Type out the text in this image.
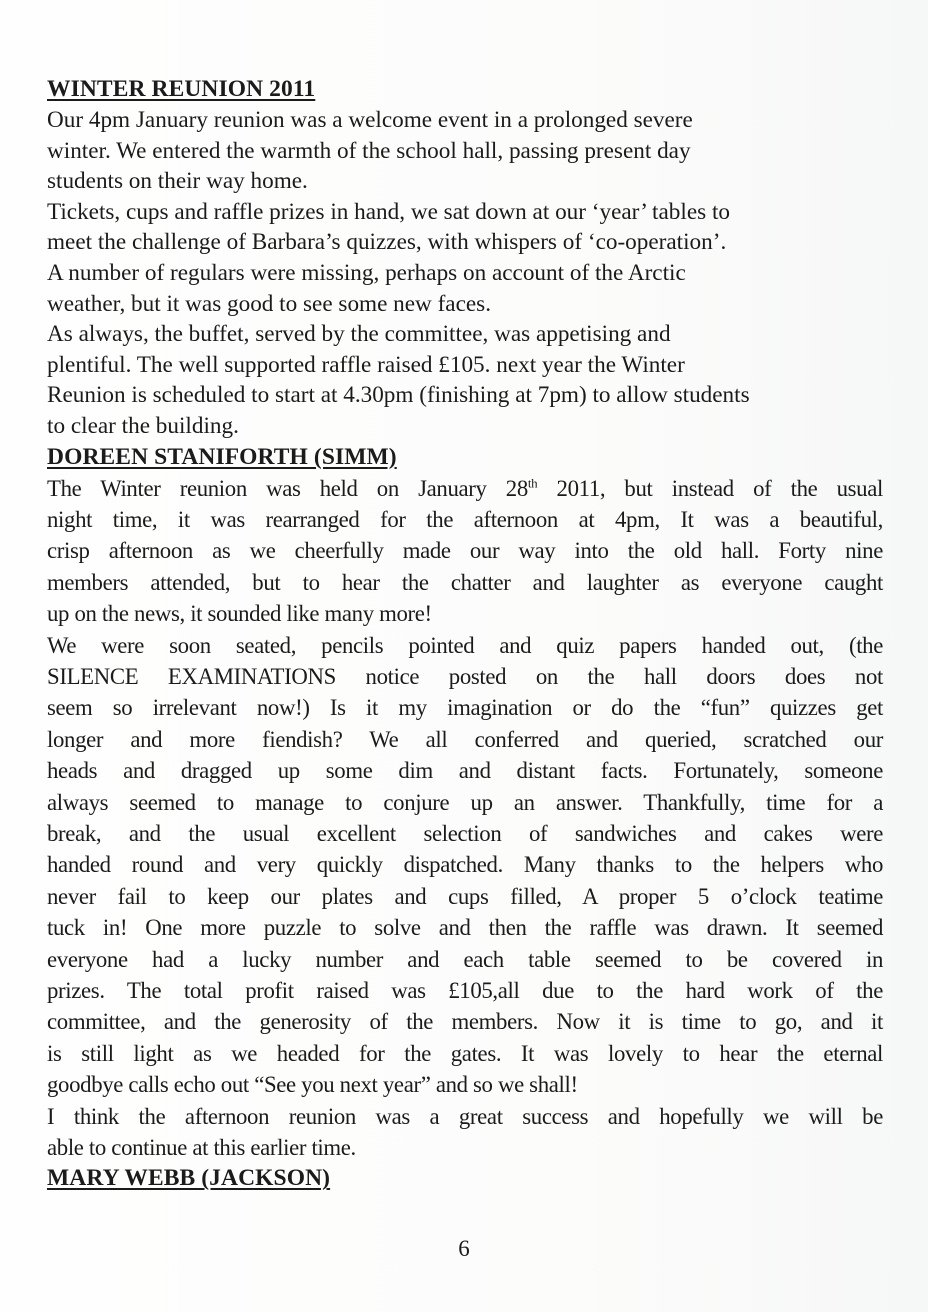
WINTER REUNION 2011
Our 4pm January reunion was a welcome event in a prolonged severe
winter. We entered the warmth of the school hall, passing present day
students on their way home.
Tickets, cups and raffle prizes in hand, we sat down at our ‘year’ tables to
meet the challenge of Barbara’s quizzes, with whispers of ‘co-operation’.
A number of regulars were missing, perhaps on account of the Arctic
weather, but it was good to see some new faces.
As always, the buffet, served by the committee, was appetising and
plentiful. The well supported raffle raised £105. next year the Winter
Reunion is scheduled to start at 4.30pm (finishing at 7pm) to allow students
to clear the building.
DOREEN STANIFORTH (SIMM)
The Winter reunion was held on January 28th 2011, but instead of the usual
night time, it was rearranged for the afternoon at 4pm, It was a beautiful,
crisp afternoon as we cheerfully made our way into the old hall. Forty nine
members attended, but to hear the chatter and laughter as everyone caught
up on the news, it sounded like many more!
We were soon seated, pencils pointed and quiz papers handed out, (the
SILENCE EXAMINATIONS notice posted on the hall doors does not
seem so irrelevant now!) Is it my imagination or do the “fun” quizzes get
longer and more fiendish? We all conferred and queried, scratched our
heads and dragged up some dim and distant facts. Fortunately, someone
always seemed to manage to conjure up an answer. Thankfully, time for a
break, and the usual excellent selection of sandwiches and cakes were
handed round and very quickly dispatched. Many thanks to the helpers who
never fail to keep our plates and cups filled, A proper 5 o’clock teatime
tuck in! One more puzzle to solve and then the raffle was drawn. It seemed
everyone had a lucky number and each table seemed to be covered in
prizes. The total profit raised was £105,all due to the hard work of the
committee, and the generosity of the members. Now it is time to go, and it
is still light as we headed for the gates. It was lovely to hear the eternal
goodbye calls echo out “See you next year” and so we shall!
I think the afternoon reunion was a great success and hopefully we will be
able to continue at this earlier time.
MARY WEBB (JACKSON)
6
